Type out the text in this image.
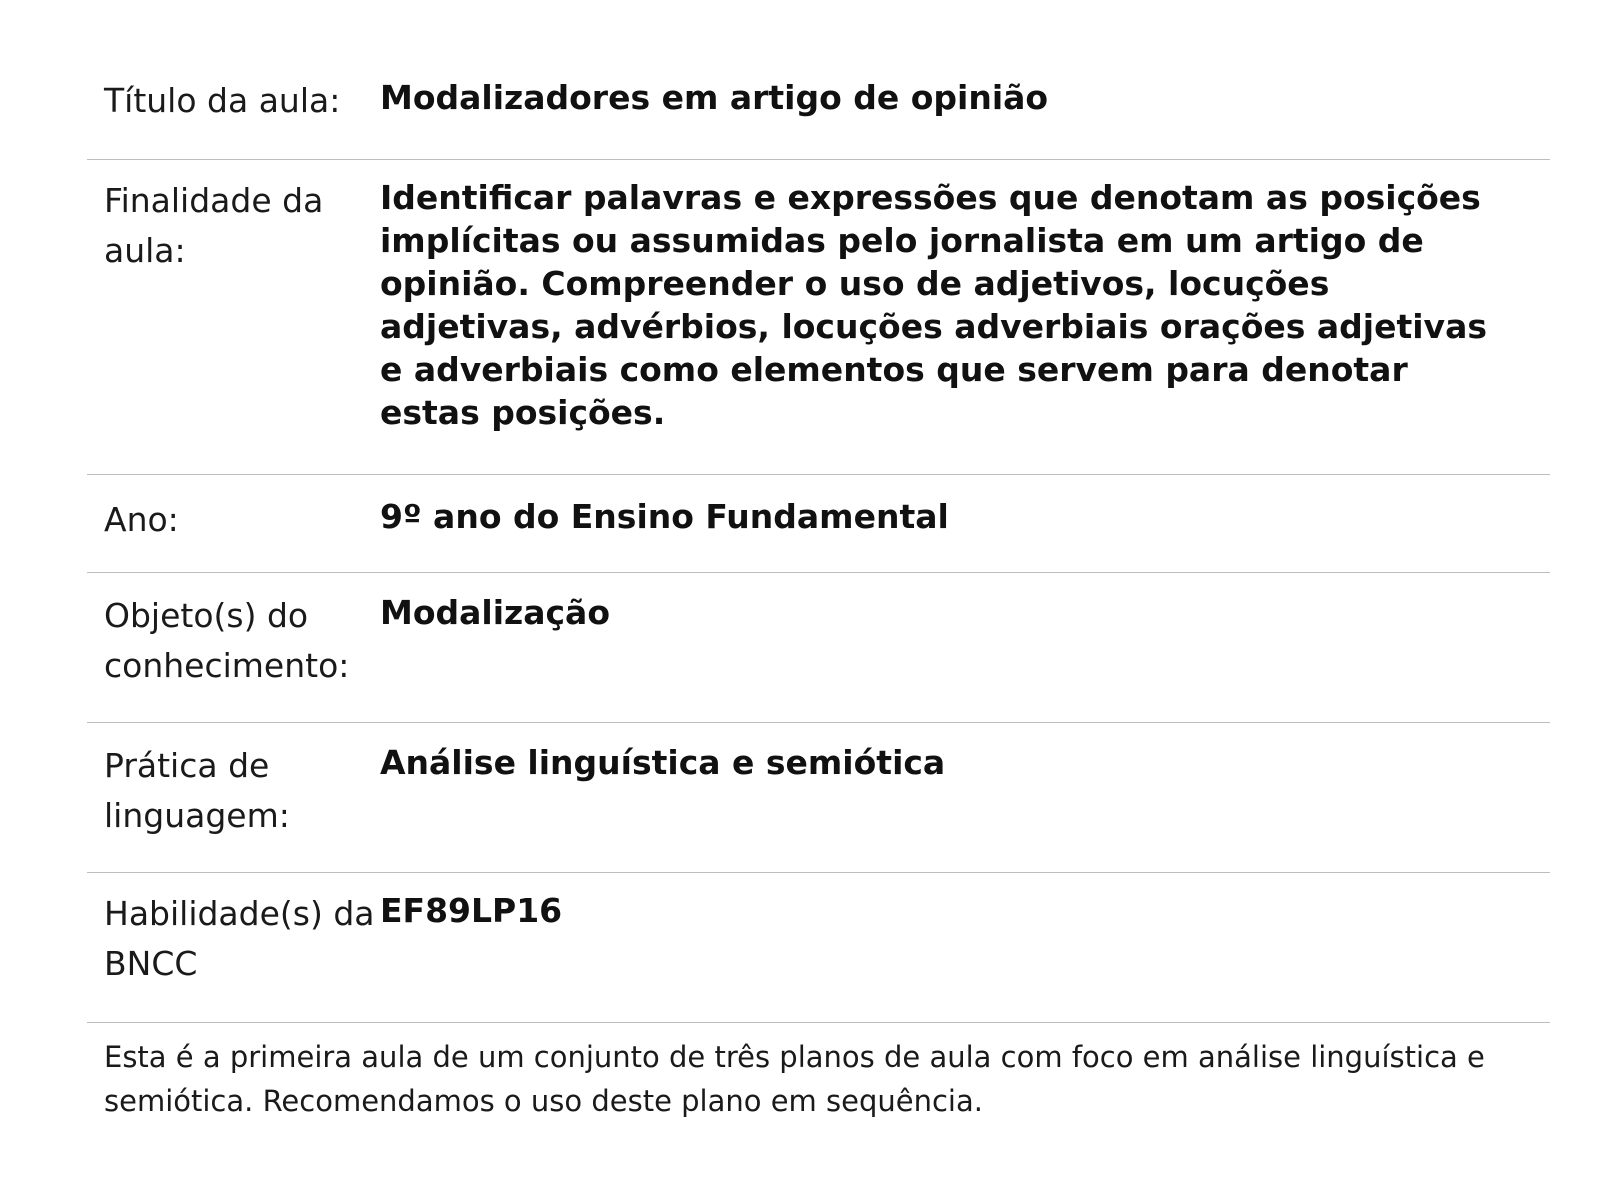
Título da aula:	Modalizadores em artigo de opinião
Finalidade da aula:
Identificar palavras e expressões que denotam as posições implícitas ou assumidas pelo jornalista em um artigo de opinião. Compreender o uso de adjetivos, locuções adjetivas, advérbios, locuções adverbiais orações adjetivas e adverbiais como elementos que servem para denotar estas posições.
Ano:	9º ano do Ensino Fundamental
Objeto(s) do conhecimento:
Modalização
Prática de linguagem:
Análise linguística e semiótica
Habilidade(s) da BNCC
EF89LP16
Esta é a primeira aula de um conjunto de três planos de aula com foco em análise linguística e semiótica. Recomendamos o uso deste plano em sequência.
